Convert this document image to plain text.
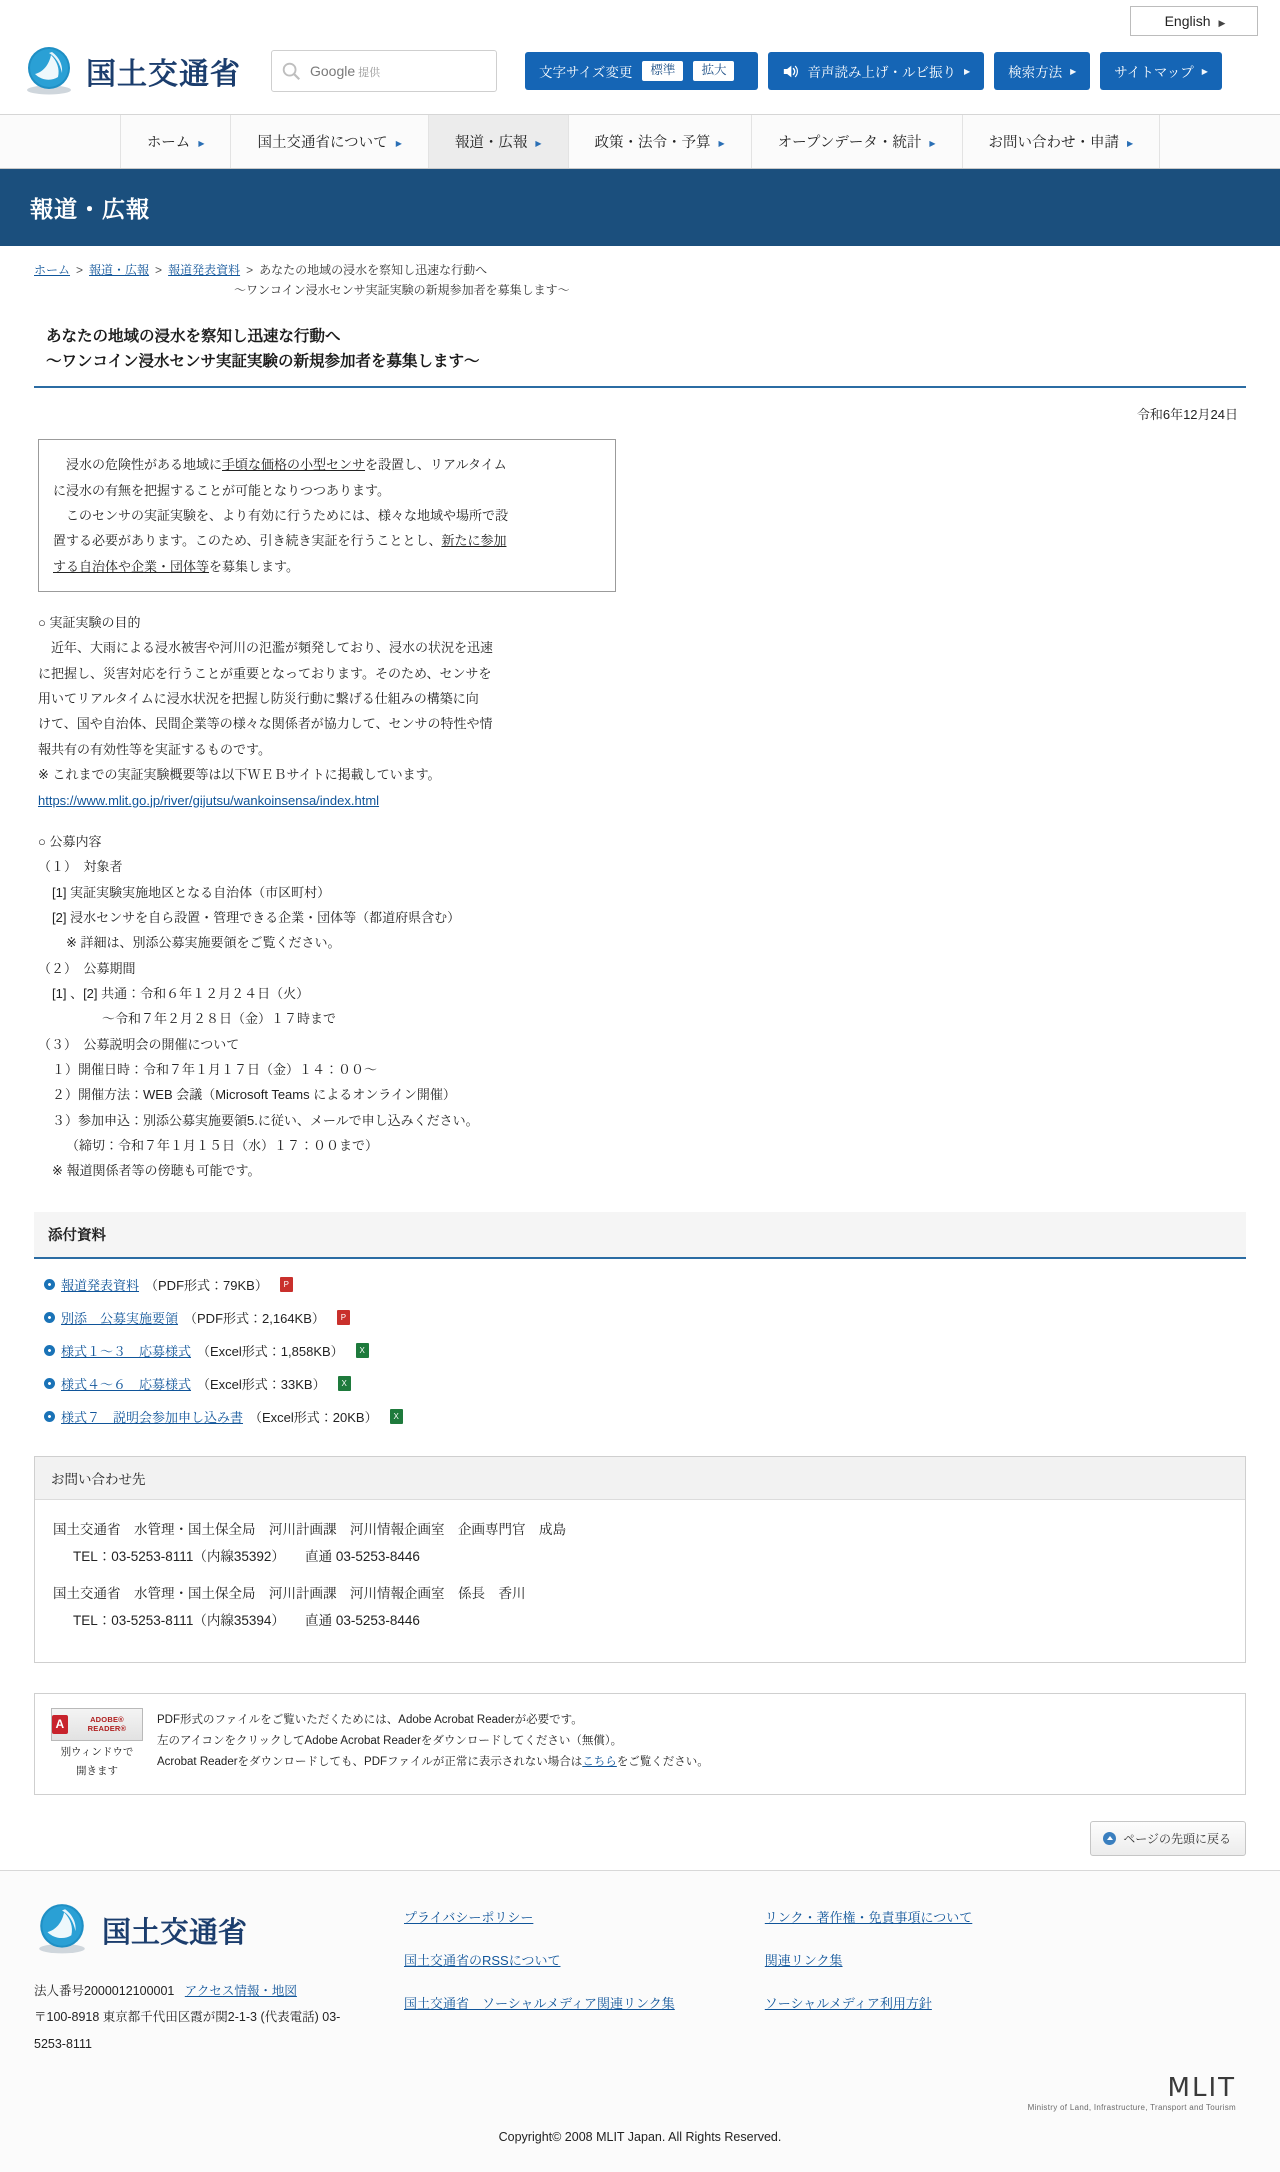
English ▶
国土交通省	Google 提供	文字サイズ変更	標準	拡大	音声読み上げ・ルビ振り
▶	検索方法
▶	サイトマップ
▶
ホーム ▶	国土交通省について ▶	報道・広報 ▶	政策・法令・予算 ▶	オープンデータ・統計 ▶	お問い合わせ・申請 ▶
報道・広報
ホーム > 報道・広報 > 報道発表資料 > あなたの地域の浸水を察知し迅速な行動へ
～ワンコイン浸水センサ実証実験の新規参加者を募集します～
あなたの地域の浸水を察知し迅速な行動へ
～ワンコイン浸水センサ実証実験の新規参加者を募集します～
令和6年12月24日
　浸水の危険性がある地域に手頃な価格の小型センサを設置し、リアルタイム
に浸水の有無を把握することが可能となりつつあります。
　このセンサの実証実験を、より有効に行うためには、様々な地域や場所で設
置する必要があります。このため、引き続き実証を行うこととし、新たに参加
する自治体や企業・団体等を募集します。
○ 実証実験の目的
　近年、大雨による浸水被害や河川の氾濫が頻発しており、浸水の状況を迅速
に把握し、災害対応を行うことが重要となっております。そのため、センサを
用いてリアルタイムに浸水状況を把握し防災行動に繋げる仕組みの構築に向
けて、国や自治体、民間企業等の様々な関係者が協力して、センサの特性や情
報共有の有効性等を実証するものです。
※ これまでの実証実験概要等は以下ＷＥＢサイトに掲載しています。
https://www.mlit.go.jp/river/gijutsu/wankoinsensa/index.html
○ 公募内容
（１）　対象者
[1] 実証実験実施地区となる自治体（市区町村）
[2] 浸水センサを自ら設置・管理できる企業・団体等（都道府県含む）
※ 詳細は、別添公募実施要領をご覧ください。
（２）　公募期間
[1] 、[2] 共通：令和６年１２月２４日（火）
～令和７年２月２８日（金）１７時まで
（３）　公募説明会の開催について
１）開催日時：令和７年１月１７日（金）１４：００～
２）開催方法：WEB 会議（Microsoft Teams によるオンライン開催）
３）参加申込：別添公募実施要領5.に従い、メールで申し込みください。
（締切：令和７年１月１５日（水）１７：００まで）
※ 報道関係者等の傍聴も可能です。
添付資料
報道発表資料 （PDF形式：79KB）	P
別添　公募実施要領 （PDF形式：2,164KB）	P
様式１～３　応募様式 （Excel形式：1,858KB）	X
様式４～６　応募様式 （Excel形式：33KB）	X
様式７　説明会参加申し込み書 （Excel形式：20KB）	X
お問い合わせ先
国土交通省　水管理・国土保全局　河川計画課　河川情報企画室　企画専門官　成島
TEL：03-5253-8111（内線35392）　　直通 03-5253-8446
国土交通省　水管理・国土保全局　河川計画課　河川情報企画室　係長　香川
TEL：03-5253-8111（内線35394）　　直通 03-5253-8446
A	ADOBE® READER®
別ウィンドウで
開きます
PDF形式のファイルをご覧いただくためには、Adobe Acrobat Readerが必要です。
左のアイコンをクリックしてAdobe Acrobat Readerをダウンロードしてください（無償）。
Acrobat Readerをダウンロードしても、PDFファイルが正常に表示されない場合はこちらをご覧ください。
ページの先頭に戻る
国土交通省
法人番号2000012100001 アクセス情報・地図
〒100-8918 東京都千代田区霞が関2-1-3 (代表電話) 03-5253-8111
プライバシーポリシー
国土交通省のRSSについて
国土交通省　ソーシャルメディア関連リンク集
リンク・著作権・免責事項について
関連リンク集
ソーシャルメディア利用方針
MLIT
Ministry of Land, Infrastructure, Transport and Tourism
Copyright© 2008 MLIT Japan. All Rights Reserved.
